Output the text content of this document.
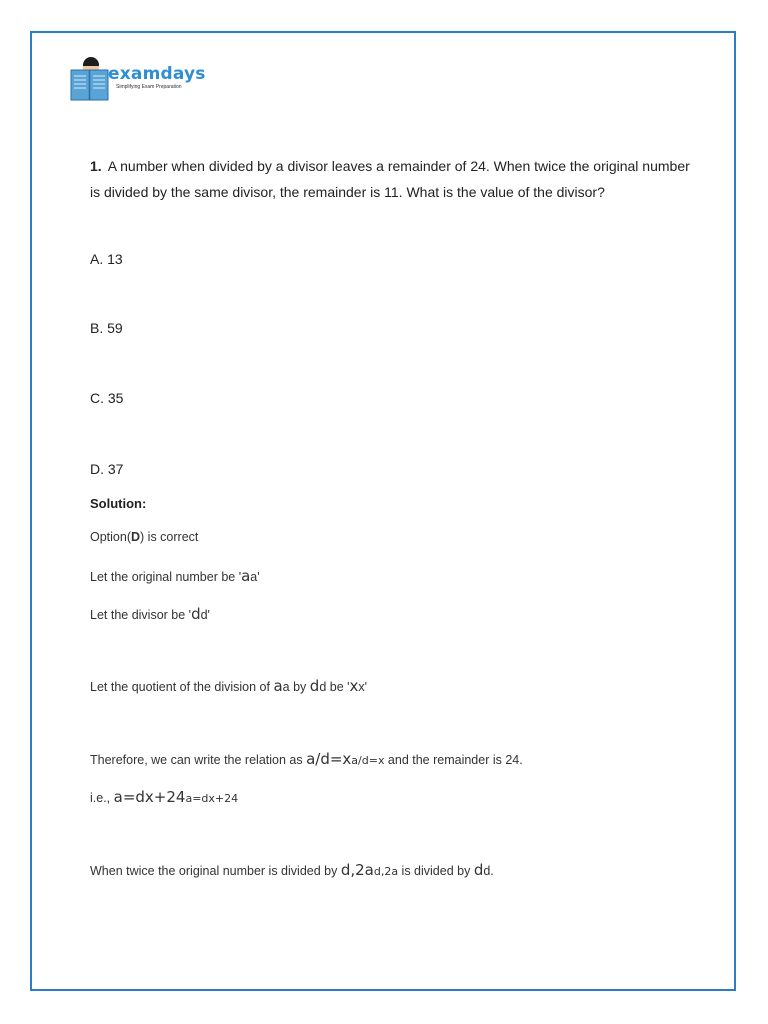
examdays
Simplifying Exam Preparation
1. A number when divided by a divisor leaves a remainder of 24. When twice the original number is divided by the same divisor, the remainder is 11. What is the value of the divisor?
A. 13
B. 59
C. 35
D. 37
Solution:
Option(D) is correct
Let the original number be 'aa'
Let the divisor be 'dd'
Let the quotient of the division of aa by dd be 'xx'
Therefore, we can write the relation as a/d=xa/d=x and the remainder is 24.
i.e., a=dx+24a=dx+24
When twice the original number is divided by d,2ad,2a is divided by dd.
